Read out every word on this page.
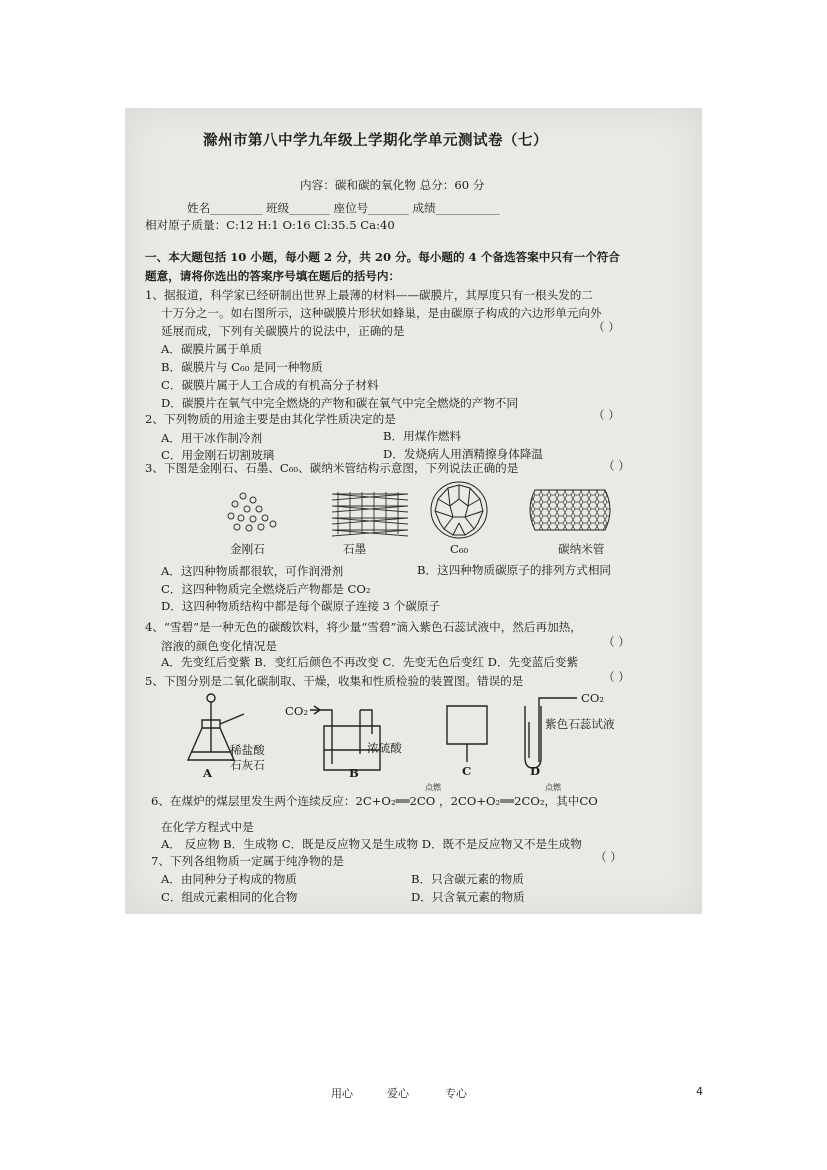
滁州市第八中学九年级上学期化学单元测试卷（七）
内容：碳和碳的氧化物 总分：60 分
姓名_________ 班级_______ 座位号_______ 成绩___________
相对原子质量：C:12 H:1 O:16 Cl:35.5 Ca:40
一、本大题包括 10 小题，每小题 2 分，共 20 分。每小题的 4 个备选答案中只有一个符合
题意，请将你选出的答案序号填在题后的括号内：
1、据报道，科学家已经研制出世界上最薄的材料——碳膜片，其厚度只有一根头发的二
十万分之一。如右图所示，这种碳膜片形状如蜂巢，是由碳原子构成的六边形单元向外
延展而成，下列有关碳膜片的说法中，正确的是	（ ）
A．碳膜片属于单质
B．碳膜片与 C₆₀ 是同一种物质
C．碳膜片属于人工合成的有机高分子材料
D．碳膜片在氧气中完全燃烧的产物和碳在氧气中完全燃烧的产物不同
2、下列物质的用途主要是由其化学性质决定的是	（ ）
A．用干冰作制冷剂	B．用煤作燃料
C．用金刚石切割玻璃	D．发烧病人用酒精擦身体降温
3、下图是金刚石、石墨、C₆₀、碳纳米管结构示意图，下列说法正确的是	（ ）
金刚石	石墨	C₆₀	碳纳米管
A．这四种物质都很软，可作润滑剂	B．这四种物质碳原子的排列方式相同
C．这四种物质完全燃烧后产物都是 CO₂
D．这四种物质结构中都是每个碳原子连接 3 个碳原子
4、“雪碧”是一种无色的碳酸饮料，将少量“雪碧”滴入紫色石蕊试液中，然后再加热，
（ ）
溶液的颜色变化情况是
A．先变红后变紫 B．变红后颜色不再改变 C．先变无色后变红 D．先变蓝后变紫
5、下图分别是二氧化碳制取、干燥，收集和性质检验的装置图。错误的是	（ ）
稀盐酸
石灰石
CO₂
浓硫酸
CO₂
紫色石蕊试液
A	B	C	D
6、在煤炉的煤层里发生两个连续反应：2C+O₂══2CO ，2CO+O₂══2CO₂，其中CO
点燃	点燃
在化学方程式中是
A． 反应物 B．生成物 C．既是反应物又是生成物 D．既不是反应物又不是生成物
7、下列各组物质一定属于纯净物的是	（ ）
A．由同种分子构成的物质	B．只含碳元素的物质
C．组成元素相同的化合物	D．只含氧元素的物质
用心	爱心	专心	4
